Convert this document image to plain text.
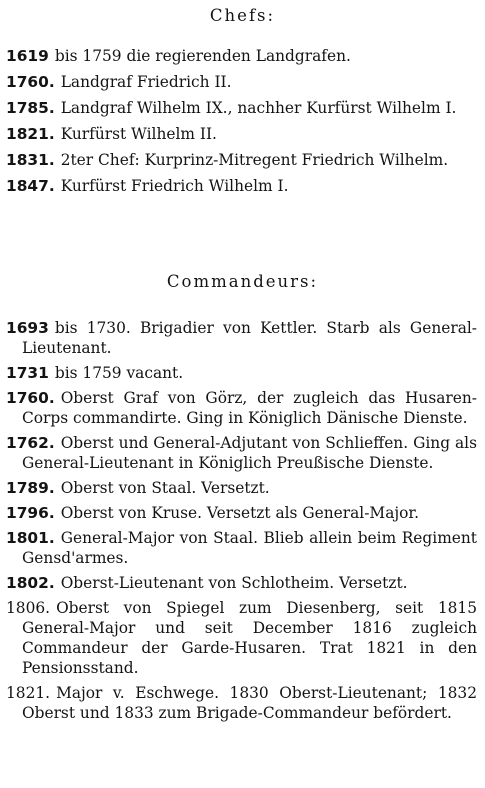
Chefs:
1619 bis 1759 die regierenden Landgrafen.
1760. Landgraf Friedrich II.
1785. Landgraf Wilhelm IX., nachher Kurfürst Wilhelm I.
1821. Kurfürst Wilhelm II.
1831. 2ter Chef: Kurprinz-Mitregent Friedrich Wilhelm.
1847. Kurfürst Friedrich Wilhelm I.
Commandeurs:
1693 bis 1730. Brigadier von Kettler. Starb als General-Lieutenant.
1731 bis 1759 vacant.
1760. Oberst Graf von Görz, der zugleich das Husaren-Corps commandirte. Ging in Königlich Dänische Dienste.
1762. Oberst und General-Adjutant von Schlieffen. Ging als General-Lieutenant in Königlich Preußische Dienste.
1789. Oberst von Staal. Versetzt.
1796. Oberst von Kruse. Versetzt als General-Major.
1801. General-Major von Staal. Blieb allein beim Regiment Gensd'armes.
1802. Oberst-Lieutenant von Schlotheim. Versetzt.
1806. Oberst von Spiegel zum Diesenberg, seit 1815 General-Major und seit December 1816 zugleich Commandeur der Garde-Husaren. Trat 1821 in den Pensionsstand.
1821. Major v. Eschwege. 1830 Oberst-Lieutenant; 1832 Oberst und 1833 zum Brigade-Commandeur befördert.
